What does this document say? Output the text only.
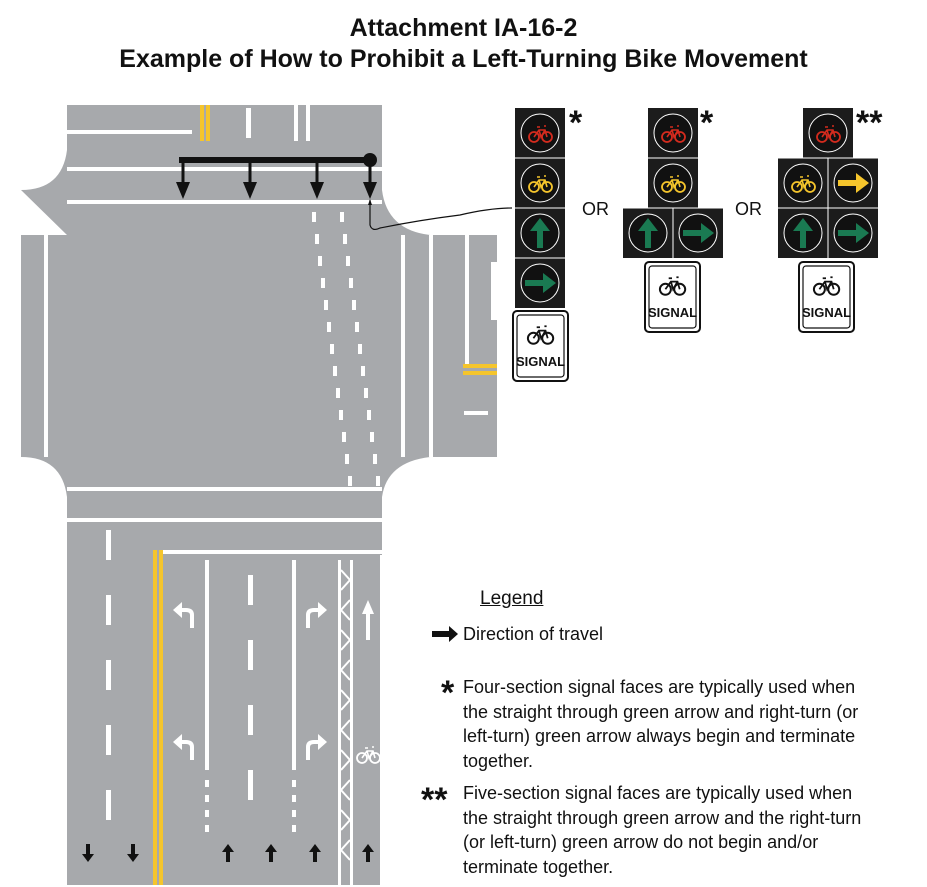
Attachment IA-16-2
Example of How to Prohibit a Left-Turning Bike Movement
SIGNAL
SIGNAL	SIGNAL
OR	OR
*	*	**
Legend
Direction of travel
* Four-section signal faces are typically used when the straight through green arrow and right-turn (or left-turn) green arrow always begin and terminate together.
** Five-section signal faces are typically used when the straight through green arrow and the right-turn (or left-turn) green arrow do not begin and/or terminate together.
